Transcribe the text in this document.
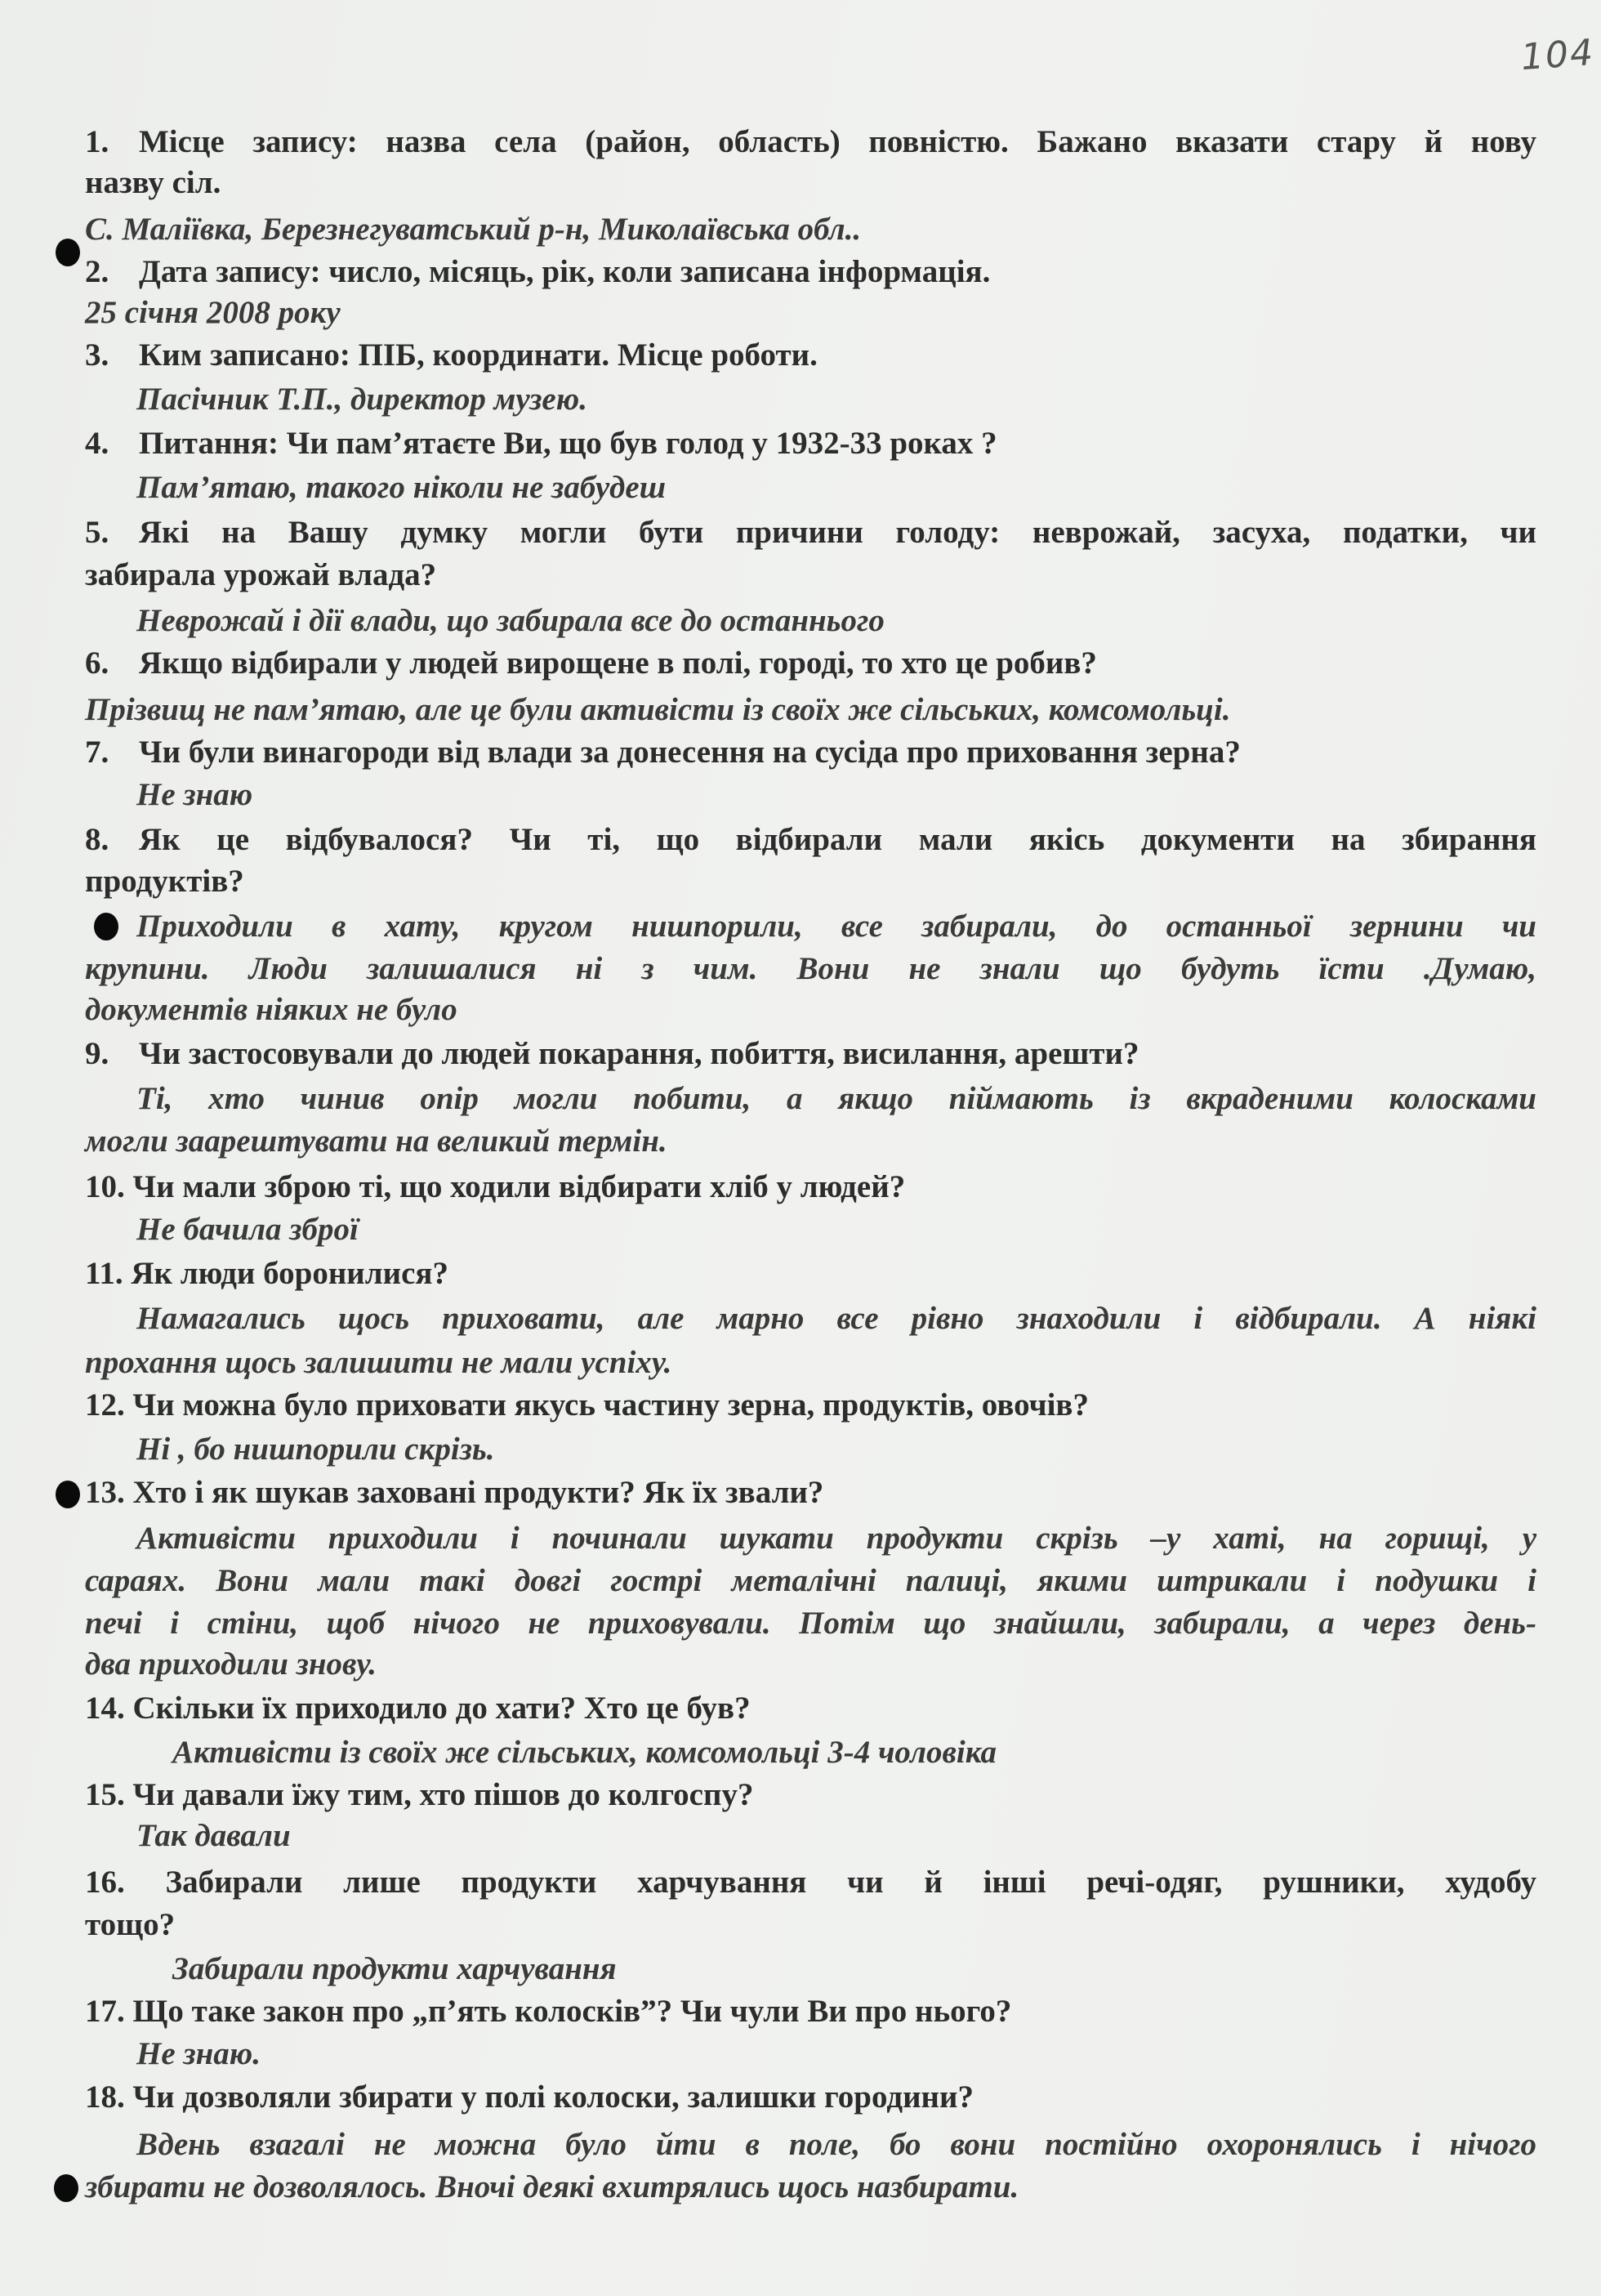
104
1. Місце запису: назва села (район, область) повністю. Бажано вказати стару й нову
назву сіл.
С. Маліївка, Березнегуватський р-н, Миколаївська обл..
2. Дата запису: число, місяць, рік, коли записана інформація.
25 січня 2008 року
3. Ким записано: ПІБ, координати. Місце роботи.
Пасічник Т.П., директор музею.
4. Питання: Чи пам’ятаєте Ви, що був голод у 1932-33 роках ?
Пам’ятаю, такого ніколи не забудеш
5. Які на Вашу думку могли бути причини голоду: неврожай, засуха, податки, чи
забирала урожай влада?
Неврожай і дії влади, що забирала все до останнього
6. Якщо відбирали у людей вирощене в полі, городі, то хто це робив?
Прізвищ не пам’ятаю, але це були активісти із своїх же сільських, комсомольці.
7. Чи були винагороди від влади за донесення на сусіда про приховання зерна?
Не знаю
8. Як це відбувалося? Чи ті, що відбирали мали якісь документи на збирання
продуктів?
Приходили в хату, кругом нишпорили, все забирали, до останньої зернини чи
крупини. Люди залишалися ні з чим. Вони не знали що будуть їсти .Думаю,
документів ніяких не було
9. Чи застосовували до людей покарання, побиття, висилання, арешти?
Ті, хто чинив опір могли побити, а якщо піймають із вкраденими колосками
могли заарештувати на великий термін.
10. Чи мали зброю ті, що ходили відбирати хліб у людей?
Не бачила зброї
11. Як люди боронилися?
Намагались щось приховати, але марно все рівно знаходили і відбирали. А ніякі
прохання щось залишити не мали успіху.
12. Чи можна було приховати якусь частину зерна, продуктів, овочів?
Ні , бо нишпорили скрізь.
13. Хто і як шукав заховані продукти? Як їх звали?
Активісти приходили і починали шукати продукти скрізь –у хаті, на горищі, у
сараях. Вони мали такі довгі гострі металічні палиці, якими штрикали і подушки і
печі і стіни, щоб нічого не приховували. Потім що знайшли, забирали, а через день-
два приходили знову.
14. Скільки їх приходило до хати? Хто це був?
Активісти із своїх же сільських, комсомольці 3-4 чоловіка
15. Чи давали їжу тим, хто пішов до колгоспу?
Так давали
16. Забирали лише продукти харчування чи й інші речі-одяг, рушники, худобу
тощо?
Забирали продукти харчування
17. Що таке закон про „п’ять колосків”? Чи чули Ви про нього?
Не знаю.
18. Чи дозволяли збирати у полі колоски, залишки городини?
Вдень взагалі не можна було йти в поле, бо вони постійно охоронялись і нічого
збирати не дозволялось. Вночі деякі вхитрялись щось назбирати.
